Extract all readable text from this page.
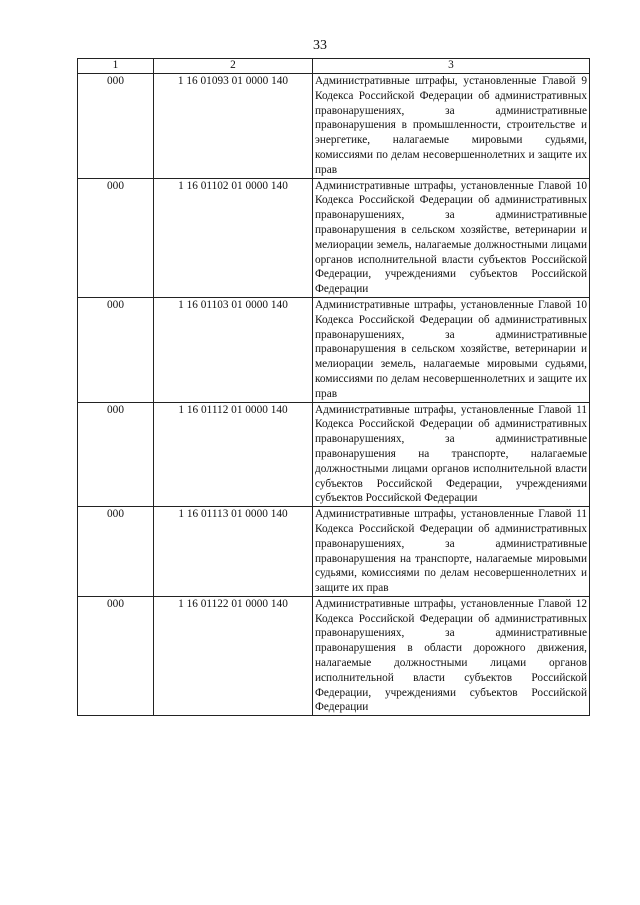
33
1	2	3
000	1 16 01093 01 0000 140	Административные штрафы, установленные Главой 9 Кодекса Российской Федерации об административных правонарушениях, за административные правонарушения в промышленности, строительстве и энергетике, налагаемые мировыми судьями, комиссиями по делам несовершеннолетних и защите их прав
000	1 16 01102 01 0000 140	Административные штрафы, установленные Главой 10 Кодекса Российской Федерации об административных правонарушениях, за административные правонарушения в сельском хозяйстве, ветеринарии и мелиорации земель, налагаемые должностными лицами органов исполнительной власти субъектов Российской Федерации, учреждениями субъектов Российской Федерации
000	1 16 01103 01 0000 140	Административные штрафы, установленные Главой 10 Кодекса Российской Федерации об административных правонарушениях, за административные правонарушения в сельском хозяйстве, ветеринарии и мелиорации земель, налагаемые мировыми судьями, комиссиями по делам несовершеннолетних и защите их прав
000	1 16 01112 01 0000 140	Административные штрафы, установленные Главой 11 Кодекса Российской Федерации об административных правонарушениях, за административные правонарушения на транспорте, налагаемые должностными лицами органов исполнительной власти субъектов Российской Федерации, учреждениями субъектов Российской Федерации
000	1 16 01113 01 0000 140	Административные штрафы, установленные Главой 11 Кодекса Российской Федерации об административных правонарушениях, за административные правонарушения на транспорте, налагаемые мировыми судьями, комиссиями по делам несовершеннолетних и защите их прав
000	1 16 01122 01 0000 140	Административные штрафы, установленные Главой 12 Кодекса Российской Федерации об административных правонарушениях, за административные правонарушения в области дорожного движения, налагаемые должностными лицами органов исполнительной власти субъектов Российской Федерации, учреждениями субъектов Российской Федерации
